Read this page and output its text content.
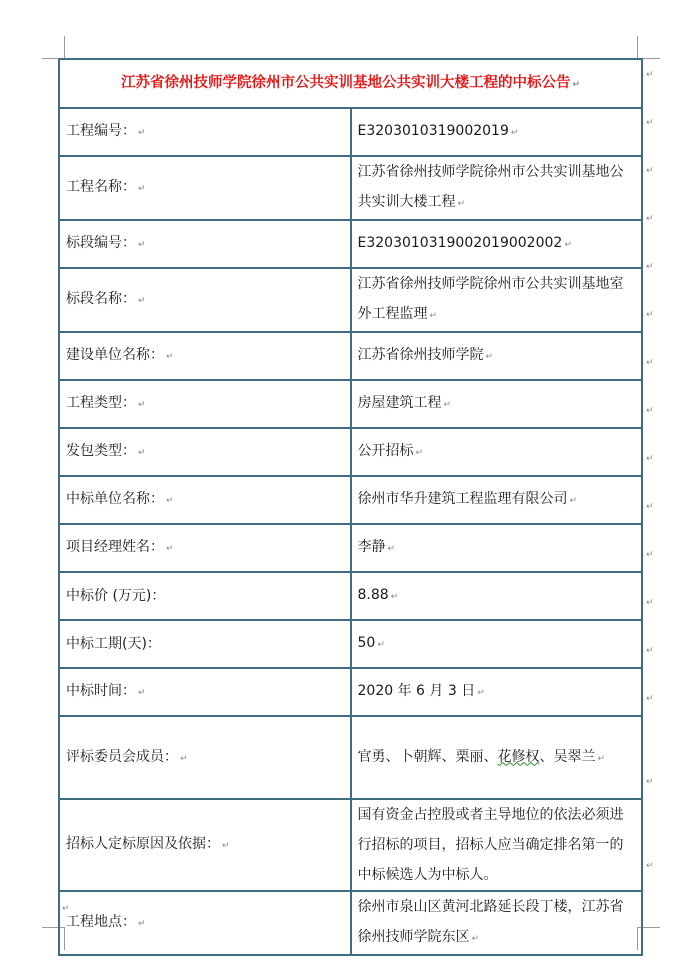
江苏省徐州技师学院徐州市公共实训基地公共实训大楼工程的中标公告 ↵	
工程编号： ↵	E3203010319002019 ↵
工程名称： ↵	江苏省徐州技师学院徐州市公共实训基地公共实训大楼工程 ↵
标段编号： ↵	E3203010319002019002002 ↵
标段名称： ↵	江苏省徐州技师学院徐州市公共实训基地室外工程监理 ↵
建设单位名称： ↵	江苏省徐州技师学院 ↵
工程类型： ↵	房屋建筑工程 ↵
发包类型： ↵	公开招标 ↵
中标单位名称： ↵	徐州市华升建筑工程监理有限公司 ↵
项目经理姓名： ↵	李静 ↵
中标价 (万元)：	8.88 ↵
中标工期(天)：	50 ↵
中标时间： ↵	2020 年 6 月 3 日 ↵
评标委员会成员： ↵	官勇、卜朝辉、栗丽、花修权、吴翠兰 ↵
招标人定标原因及依据： ↵	国有资金占控股或者主导地位的依法必须进行招标的项目，招标人应当确定排名第一的中标候选人为中标人。
工程地点： ↵	徐州市泉山区黄河北路延长段丁楼，江苏省徐州技师学院东区 ↵
↵
↵
↵
↵
↵
↵
↵
↵
↵
↵
↵
↵
↵
↵
↵
↵
↵
